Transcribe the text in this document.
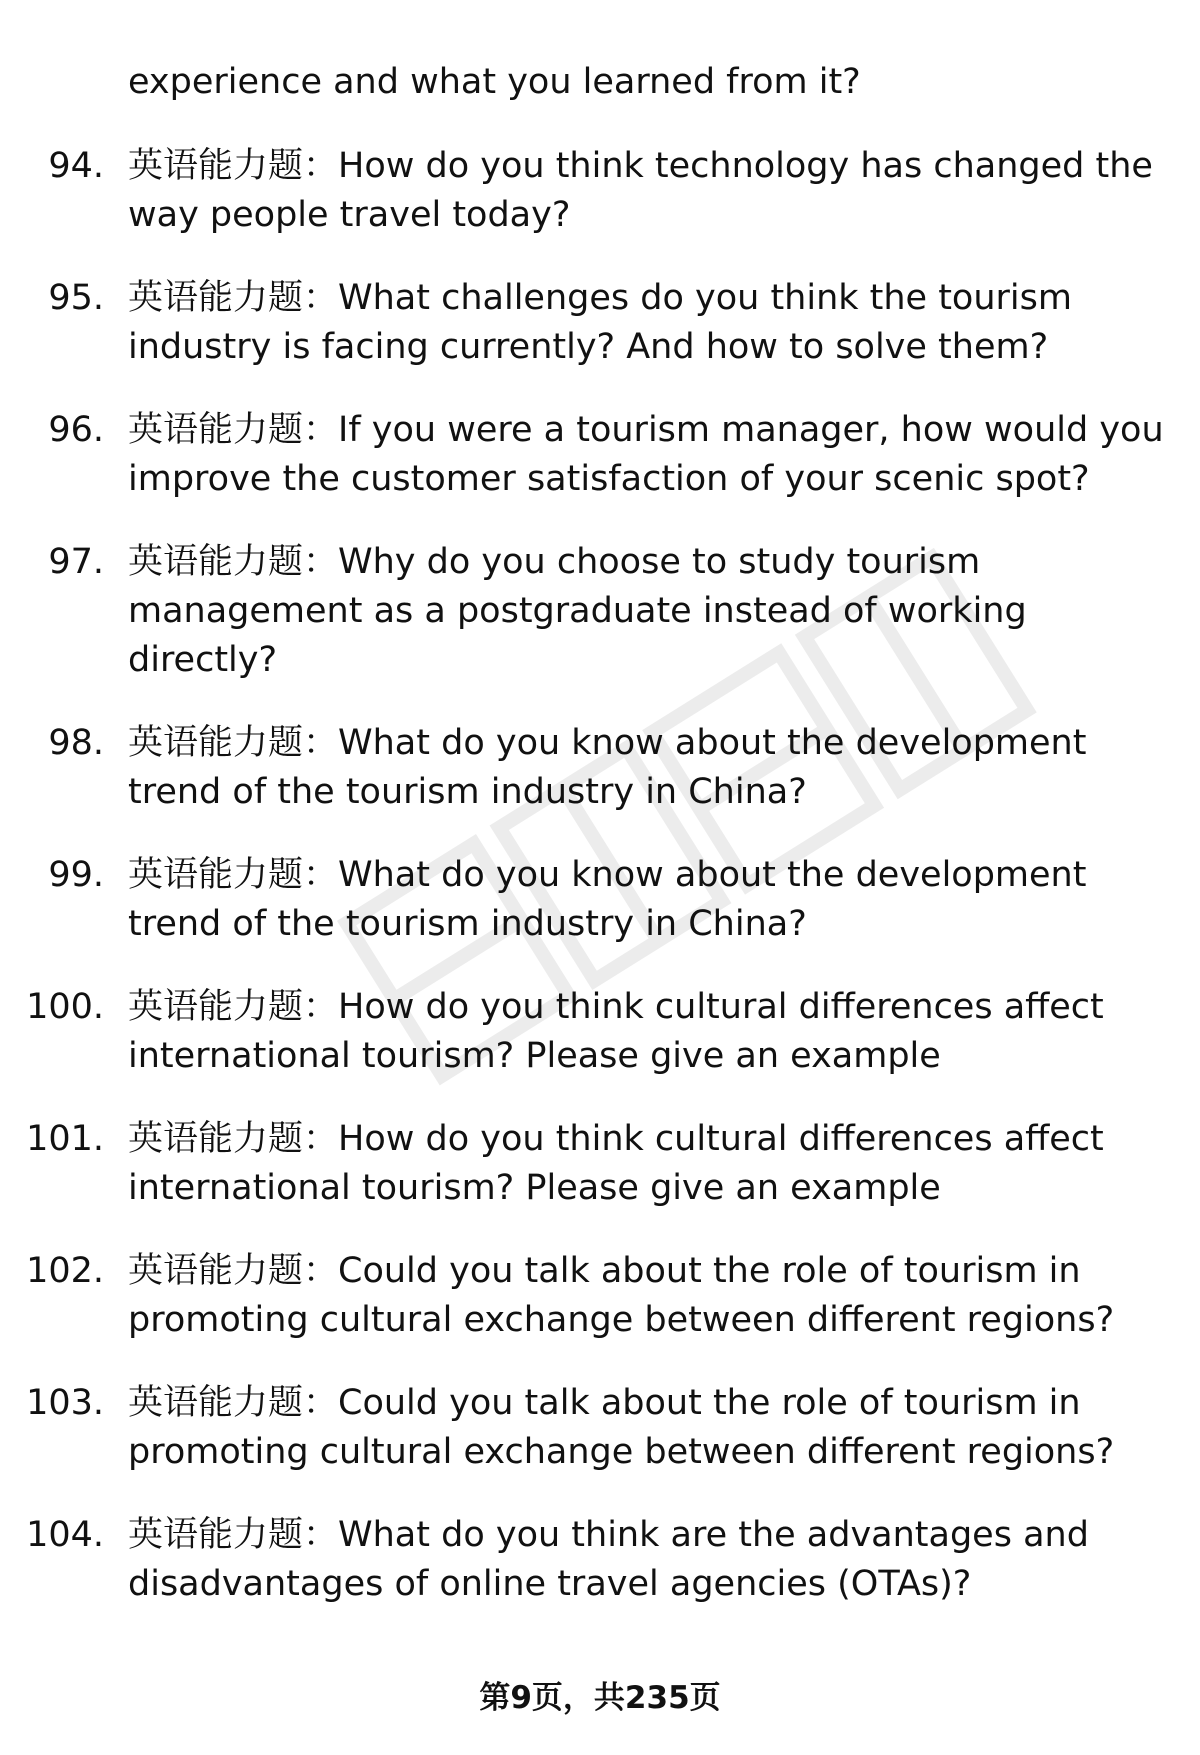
experience and what you learned from it?
94. 英语能力题：How do you think technology has changed the
way people travel today?
95. 英语能力题：What challenges do you think the tourism
industry is facing currently? And how to solve them?
96. 英语能力题：If you were a tourism manager, how would you
improve the customer satisfaction of your scenic spot?
97. 英语能力题：Why do you choose to study tourism
management as a postgraduate instead of working
directly?
98. 英语能力题：What do you know about the development
trend of the tourism industry in China?
99. 英语能力题：What do you know about the development
trend of the tourism industry in China?
100. 英语能力题：How do you think cultural differences affect
international tourism? Please give an example
101. 英语能力题：How do you think cultural differences affect
international tourism? Please give an example
102. 英语能力题：Could you talk about the role of tourism in
promoting cultural exchange between different regions?
103. 英语能力题：Could you talk about the role of tourism in
promoting cultural exchange between different regions?
104. 英语能力题：What do you think are the advantages and
disadvantages of online travel agencies (OTAs)?
第9页，共235页
